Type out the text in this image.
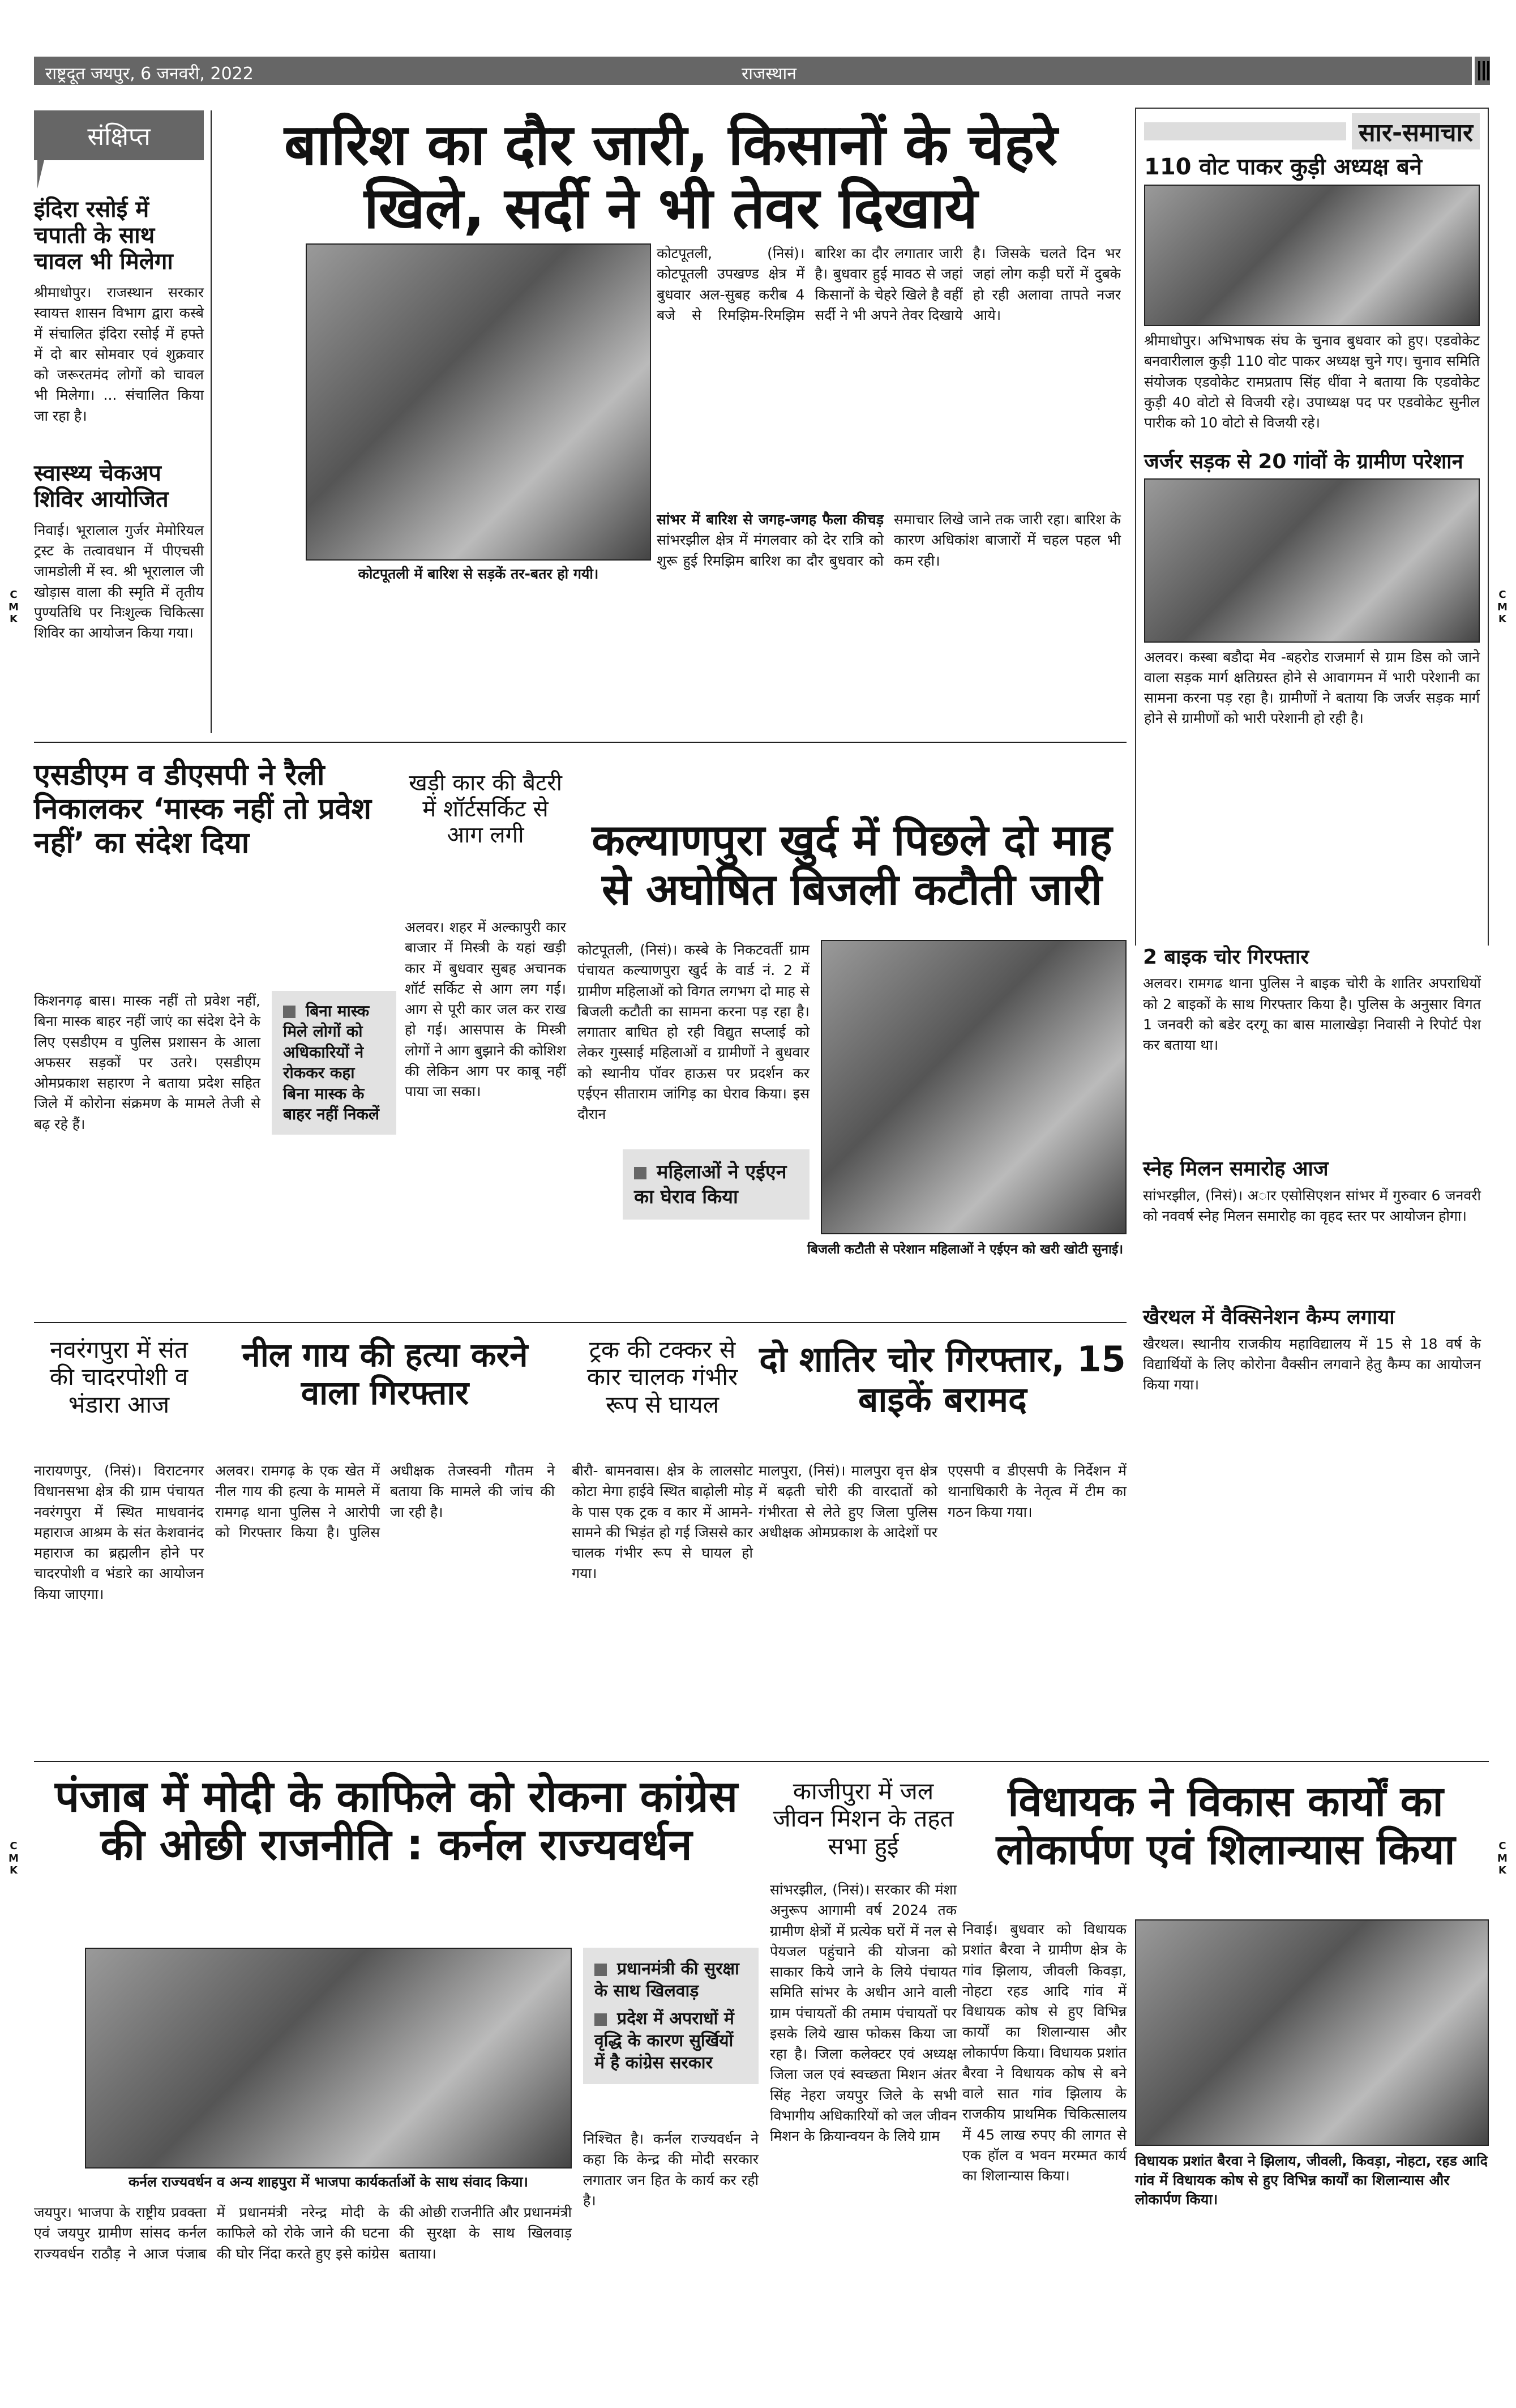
राष्ट्रदूत जयपुर, 6 जनवरी, 2022	राजस्थान
C
M
K
C
M
K
C
M
K
C
M
K
संक्षिप्त
इंदिरा रसोई में चपाती के साथ चावल भी मिलेगा
श्रीमाधोपुर। राजस्थान सरकार स्वायत्त शासन विभाग द्वारा कस्बे में संचालित इंदिरा रसोई में हफ्ते में दो बार सोमवार एवं शुक्रवार को जरूरतमंद लोगों को चावल भी मिलेगा। ... संचालित किया जा रहा है।
स्वास्थ्य चेकअप शिविर आयोजित
निवाई। भूरालाल गुर्जर मेमोरियल ट्रस्ट के तत्वावधान में पीएचसी जामडोली में स्व. श्री भूरालाल जी खोड़ास वाला की स्मृति में तृतीय पुण्यतिथि पर निःशुल्क चिकित्सा शिविर का आयोजन किया गया।
बारिश का दौर जारी, किसानों के चेहरे खिले, सर्दी ने भी तेवर दिखाये
कोटपूतली में बारिश से सड़कें तर-बतर हो गयी।
कोटपूतली, (निसं)। कोटपूतली उपखण्ड क्षेत्र में बुधवार अल-सुबह करीब 4 बजे से रिमझिम-रिमझिम बारिश का दौर लगातार जारी है। बुधवार हुई मावठ से जहां किसानों के चेहरे खिले है वहीं सर्दी ने भी अपने तेवर दिखाये है। जिसके चलते दिन भर जहां लोग कड़ी घरों में दुबके हो रही अलावा तापते नजर आये।
सांभर में बारिश से जगह-जगह फैला कीचड़ सांभरझील क्षेत्र में मंगलवार को देर रात्रि को शुरू हुई रिमझिम बारिश का दौर बुधवार को समाचार लिखे जाने तक जारी रहा। बारिश के कारण अधिकांश बाजारों में चहल पहल भी कम रही।
सार-समाचार
110 वोट पाकर कुड़ी अध्यक्ष बने
श्रीमाधोपुर। अभिभाषक संघ के चुनाव बुधवार को हुए। एडवोकेट बनवारीलाल कुड़ी 110 वोट पाकर अध्यक्ष चुने गए। चुनाव समिति संयोजक एडवोकेट रामप्रताप सिंह धींवा ने बताया कि एडवोकेट कुड़ी 40 वोटो से विजयी रहे। उपाध्यक्ष पद पर एडवोकेट सुनील पारीक को 10 वोटो से विजयी रहे।
जर्जर सड़क से 20 गांवों के ग्रामीण परेशान
अलवर। कस्बा बडौदा मेव -बहरोड राजमार्ग से ग्राम डिस को जाने वाला सड़क मार्ग क्षतिग्रस्त होने से आवागमन में भारी परेशानी का सामना करना पड़ रहा है। ग्रामीणों ने बताया कि जर्जर सड़क मार्ग होने से ग्रामीणों को भारी परेशानी हो रही है।
2 बाइक चोर गिरफ्तार
अलवर। रामगढ थाना पुलिस ने बाइक चोरी के शातिर अपराधियों को 2 बाइकों के साथ गिरफ्तार किया है। पुलिस के अनुसार विगत 1 जनवरी को बडेर दरगू का बास मालाखेड़ा निवासी ने रिपोर्ट पेश कर बताया था।
स्नेह मिलन समारोह आज
सांभरझील, (निसं)। अार एसोसिएशन सांभर में गुरुवार 6 जनवरी को नववर्ष स्नेह मिलन समारोह का वृहद स्तर पर आयोजन होगा।
खैरथल में वैक्सिनेशन कैम्प लगाया
खैरथल। स्थानीय राजकीय महाविद्यालय में 15 से 18 वर्ष के विद्यार्थियों के लिए कोरोना वैक्सीन लगवाने हेतु कैम्प का आयोजन किया गया।
एसडीएम व डीएसपी ने रैली निकालकर ‘मास्क नहीं तो प्रवेश नहीं’ का संदेश दिया
किशनगढ़ बास। मास्क नहीं तो प्रवेश नहीं, बिना मास्क बाहर नहीं जाएं का संदेश देने के लिए एसडीएम व पुलिस प्रशासन के आला अफसर सड़कों पर उतरे। एसडीएम ओमप्रकाश सहारण ने बताया प्रदेश सहित जिले में कोरोना संक्रमण के मामले तेजी से बढ़ रहे हैं।
बिना मास्क मिले लोगों को अधिकारियों ने रोककर कहा बिना मास्क के बाहर नहीं निकलें
खड़ी कार की बैटरी में शॉर्टसर्किट से आग लगी
अलवर। शहर में अल्कापुरी कार बाजार में मिस्त्री के यहां खड़ी कार में बुधवार सुबह अचानक शॉर्ट सर्किट से आग लग गई। आग से पूरी कार जल कर राख हो गई। आसपास के मिस्त्री लोगों ने आग बुझाने की कोशिश की लेकिन आग पर काबू नहीं पाया जा सका।
कल्याणपुरा खुर्द में पिछले दो माह से अघोषित बिजली कटौती जारी
कोटपूतली, (निसं)। कस्बे के निकटवर्ती ग्राम पंचायत कल्याणपुरा खुर्द के वार्ड नं. 2 में ग्रामीण महिलाओं को विगत लगभग दो माह से बिजली कटौती का सामना करना पड़ रहा है। लगातार बाधित हो रही विद्युत सप्लाई को लेकर गुस्साई महिलाओं व ग्रामीणों ने बुधवार को स्थानीय पॉवर हाऊस पर प्रदर्शन कर एईएन सीताराम जांगिड़ का घेराव किया। इस दौरान
महिलाओं ने एईएन का घेराव किया
बिजली कटौती से परेशान महिलाओं ने एईएन को खरी खोटी सुनाई।
नवरंगपुरा में संत की चादरपोशी व भंडारा आज
नारायणपुर, (निसं)। विराटनगर विधानसभा क्षेत्र की ग्राम पंचायत नवरंगपुरा में स्थित माधवानंद महाराज आश्रम के संत केशवानंद महाराज का ब्रह्मलीन होने पर चादरपोशी व भंडारे का आयोजन किया जाएगा।
नील गाय की हत्या करने वाला गिरफ्तार
अलवर। रामगढ़ के एक खेत में नील गाय की हत्या के मामले में रामगढ़ थाना पुलिस ने आरोपी को गिरफ्तार किया है। पुलिस अधीक्षक तेजस्वनी गौतम ने बताया कि मामले की जांच की जा रही है।
ट्रक की टक्कर से कार चालक गंभीर रूप से घायल
बीरौ- बामनवास। क्षेत्र के लालसोट कोटा मेगा हाईवे स्थित बाढ़ोली मोड़ के पास एक ट्रक व कार में आमने-सामने की भिड़ंत हो गई जिससे कार चालक गंभीर रूप से घायल हो गया।
दो शातिर चोर गिरफ्तार, 15 बाइकें बरामद
मालपुरा, (निसं)। मालपुरा वृत्त क्षेत्र में बढ़ती चोरी की वारदातों को गंभीरता से लेते हुए जिला पुलिस अधीक्षक ओमप्रकाश के आदेशों पर एएसपी व डीएसपी के निर्देशन में थानाधिकारी के नेतृत्व में टीम का गठन किया गया।
पंजाब में मोदी के काफिले को रोकना कांग्रेस की ओछी राजनीति : कर्नल राज्यवर्धन
कर्नल राज्यवर्धन व अन्य शाहपुरा में भाजपा कार्यकर्ताओं के साथ संवाद किया।
जयपुर। भाजपा के राष्ट्रीय प्रवक्ता एवं जयपुर ग्रामीण सांसद कर्नल राज्यवर्धन राठौड़ ने आज पंजाब में प्रधानमंत्री नरेन्द्र मोदी के काफिले को रोके जाने की घटना की घोर निंदा करते हुए इसे कांग्रेस की ओछी राजनीति और प्रधानमंत्री की सुरक्षा के साथ खिलवाड़ बताया।
प्रधानमंत्री की सुरक्षा के साथ खिलवाड़
प्रदेश में अपराधों में वृद्धि के कारण सुर्खियों में है कांग्रेस सरकार
निश्चित है। कर्नल राज्यवर्धन ने कहा कि केन्द्र की मोदी सरकार लगातार जन हित के कार्य कर रही है।
काजीपुरा में जल जीवन मिशन के तहत सभा हुई
सांभरझील, (निसं)। सरकार की मंशा अनुरूप आगामी वर्ष 2024 तक ग्रामीण क्षेत्रों में प्रत्येक घरों में नल से पेयजल पहुंचाने की योजना को साकार किये जाने के लिये पंचायत समिति सांभर के अधीन आने वाली ग्राम पंचायतों की तमाम पंचायतों पर इसके लिये खास फोकस किया जा रहा है। जिला कलेक्टर एवं अध्यक्ष जिला जल एवं स्वच्छता मिशन अंतर सिंह नेहरा जयपुर जिले के सभी विभागीय अधिकारियों को जल जीवन मिशन के क्रियान्वयन के लिये ग्राम
विधायक ने विकास कार्यों का लोकार्पण एवं शिलान्यास किया
निवाई। बुधवार को विधायक प्रशांत बैरवा ने ग्रामीण क्षेत्र के गांव झिलाय, जीवली किवड़ा, नोहटा रहड आदि गांव में विधायक कोष से हुए विभिन्न कार्यों का शिलान्यास और लोकार्पण किया। विधायक प्रशांत बैरवा ने विधायक कोष से बने वाले सात गांव झिलाय के राजकीय प्राथमिक चिकित्सालय में 45 लाख रुपए की लागत से एक हॉल व भवन मरम्मत कार्य का शिलान्यास किया।
विधायक प्रशांत बैरवा ने झिलाय, जीवली, किवड़ा, नोहटा, रहड आदि गांव में विधायक कोष से हुए विभिन्न कार्यों का शिलान्यास और लोकार्पण किया।
